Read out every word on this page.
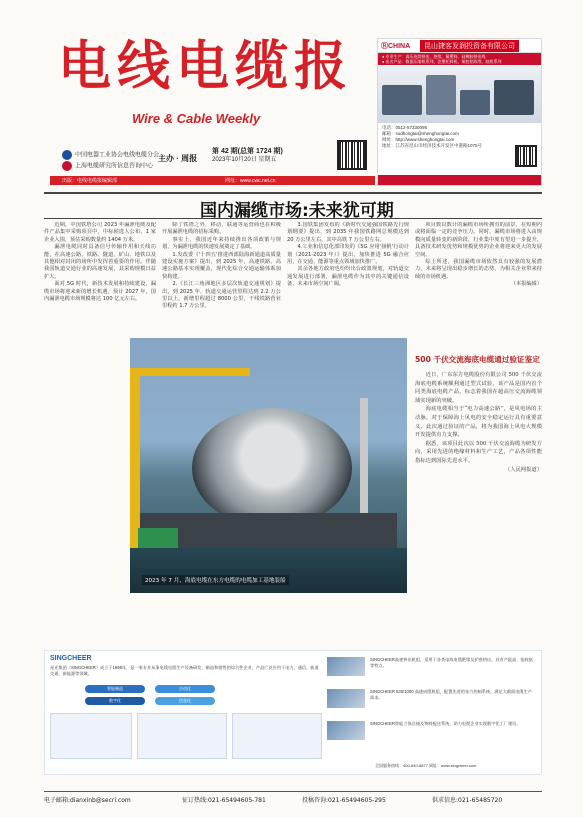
电线电缆报
Wire & Cable Weekly
中国电器工业协会电线电缆分会
上海电缆研究所信息咨询中心
主办 · 周报
第 42 期(总第 1724 期)
2023年10月20日 星期五
出版：电线电缆报编辑部	网址：www.cwc.net.cn
ⓇCHINA	昆山捷客发润投资备有限公司
● 专业生产：高压连续挤出、绝缘、氟塑料、硅橡胶挤出线
● 出名产品：数据压缩机系列、注塑托料机、铜包铝线等、绞机系列
电话：0512-57330098
邮箱：sudhongtai@shenghongtai.com
网址：http://www.shenghongtai.com
地址：江苏省昆山市经济技术开发区中港路1075号
国内漏缆市场:未来犹可期

近期，中国铁塔公司 2023 年漏泄电缆及配件产品集中采购项目中，中标候选人公布，1 家企业入围，预估采购数量约 1404 万米。

漏泄电缆同时具备信号传输作用和天线功能，在高速公路、铁路、隧道、矿山、地铁以及其他相对封闭的场所中发挥着重要的作用。伴随我国轨道交通行业的高速发展，其采购规模日益扩大。

面对 5G 时代，新技术发展和持续建设，漏缆市场将迎来新的增长机遇，预计 2027 年，国内漏泄电缆市场规模将达 100 亿元左右。

除了铁塔之外，移动、联通等运营商也在积极开展漏泄电缆的招标采购。

事实上，我国近年来持续推出各项政策与规划，为漏泄电缆的快速发展奠定了基础。

1.发改委《'十四五'推进西部陆海新通道高质量建设实施方案》提出，到 2025 年，高速铁路、高速公路基本实现覆盖，现代化综合交通运输体系加快构建。

2.《长江三角洲地区多层次轨道交通规划》提出，到 2025 年，轨道交通运营里程达到 2.2 万公里以上，新增里程超过 8000 公里，干线铁路营业里程约 1.7 万公里。

3.国铁集团发布的《新时代交通强国铁路先行规划纲要》提出，到 2035 年我国铁路网总规模达到 20 万公里左右，其中高铁 7 万公里左右。

4.工业和信息化部印发的《5G 应用'扬帆'行动计划（2021-2023 年）》提出，加快推进 5G 融合应用，在交通、能源等重点领域加快推广。

其余各地方政府也纷纷出台政策规划，对轨道交通发展进行部署，漏泄电缆作为其中的关键通信设备，未来市场空间广阔。

项目数以数计的漏缆市场所拥有的前景，在短期内或将面临一定的竞争压力。同时，漏缆市场将进入由规模向质量转变的新阶段，行业集中度有望进一步提升，具备技术研发优势和规模优势的企业将迎来更大的发展空间。

综上所述，我国漏缆市场依然具有较强的发展潜力，未来将呈现出稳步增长的态势，为相关企业带来持续的市场机遇。

（本报编辑）
2023 年 7 月，海底电缆在东方电缆的电缆加工基地装船
500 千伏交流海底电缆通过验证鉴定

近日，广东东方电缆股份有限公司 500 千伏交流海底电缆系统顺利通过型式试验，该产品是国内首个同类海底电缆产品，标志着我国在超高压交流海缆领域实现新的突破。

海底电缆相当于“电力高速公路”，是风电场的主动脉，对于保障海上风电的安全稳定运行具有重要意义。此次通过验证的产品，将为我国海上风电大规模开发提供有力支撑。

据悉，该项目此次以 500 千伏交流海缆为研发方向，采用先进的绝缘材料和生产工艺，产品各项性能指标达到国际先进水平。

（人民网报道）
SINGCHEER
星光集团（SINGCHEER）成立于1998年，是一家专业从事电线电缆生产设备研发、制造和销售的综合性企业，产品广泛应用于电力、通信、轨道交通、新能源等领域。
智能制造	自动化
数字化	信息化
SINGCHEER高速挤出机组，适用于各类电线电缆绝缘及护套挤出，具有产能高、能耗低等特点。
SINGCHEER 630/1000 高速成缆机组，配置先进的张力控制系统，满足大截面电缆生产需求。
SINGCHEER智能立体仓储及物料配送系统，助力电缆企业实现数字化工厂建设。
全国服务热线：400-640-8877 网址：www.singcheer.com
电子邮箱:dianxinb@secri.com	征订热线:021-65494605-781	投稿咨询:021-65494605-295	供求信息:021-65485720
